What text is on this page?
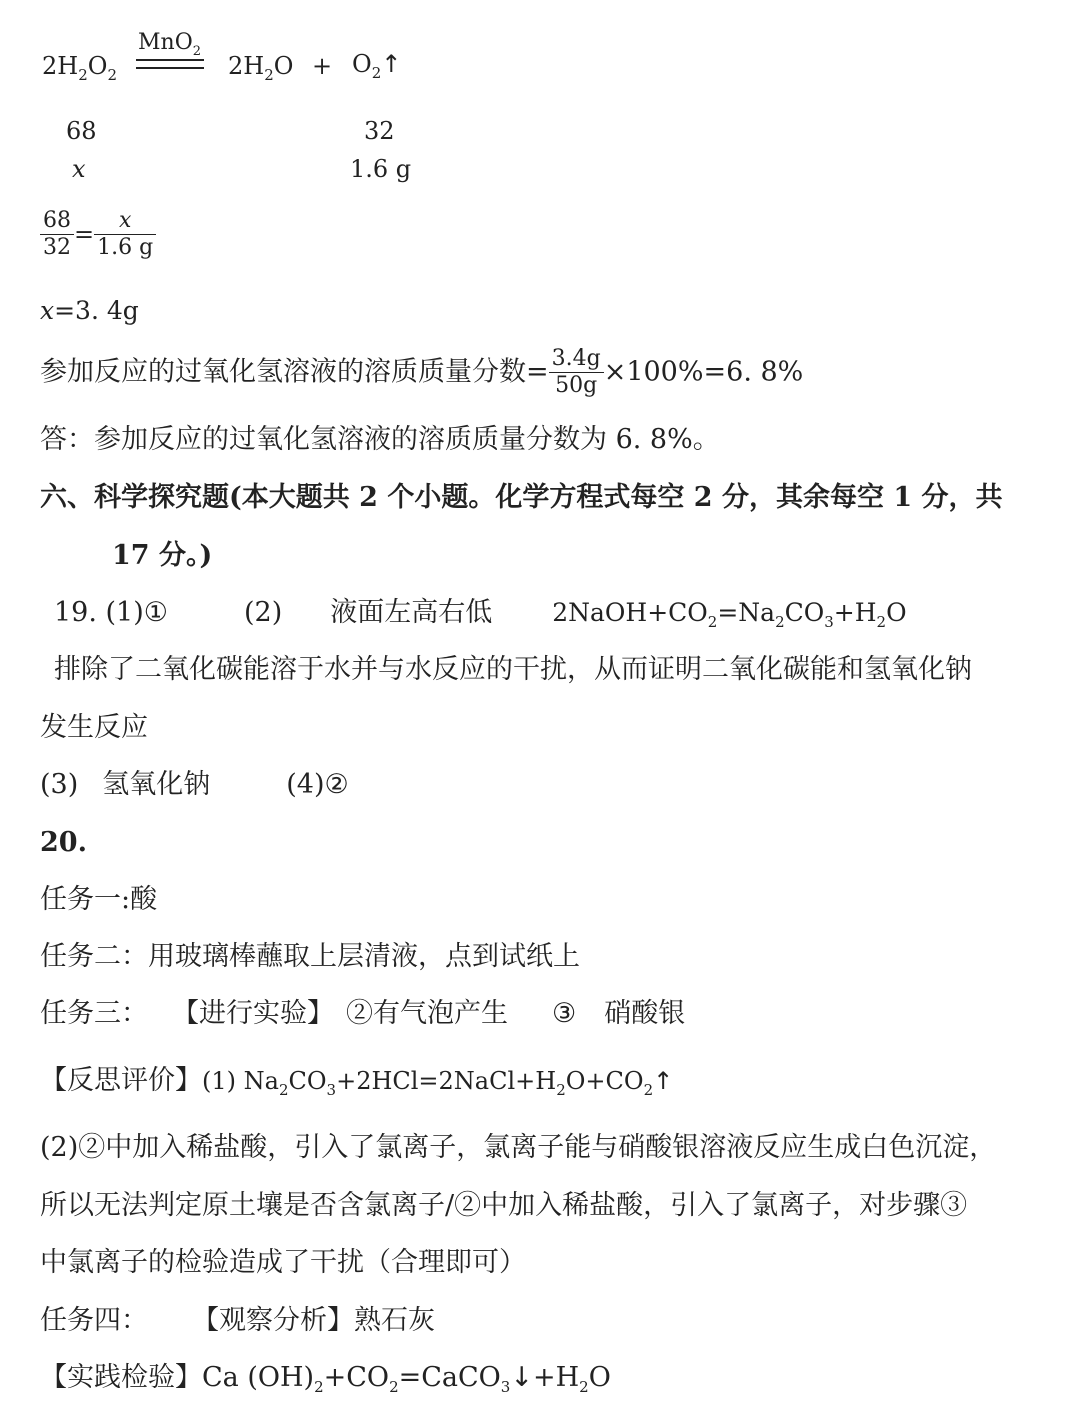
$2H_2O_2$
MnO$_2$
$2H_2O$ + $O_2↑$
68	32
x	1.6 g
$\frac{68}{32} = \frac{x}{1.6 g}$
x=3. 4g
参加反应的过氧化氢溶液的溶质质量分数= $\frac{3.4g}{50g} \times 100\%=6$. 8%
答：参加反应的过氧化氢溶液的溶质质量分数为 6. 8%。
六、科学探究题(本大题共 2 个小题。化学方程式每空 2 分，其余每空 1 分，共
17 分。)
19. (1)①	(2) 液面左高右低 $2NaOH+CO_2=Na_2CO_3+H_2O$
排除了二氧化碳能溶于水并与水反应的干扰，从而证明二氧化碳能和氢氧化钠
发生反应
(3) 氢氧化钠	(4)②
20.
任务一:酸
任务二：用玻璃棒蘸取上层清液，点到试纸上
任务三： 【进行实验】 ②有气泡产生 ③ 硝酸银
【反思评价】(1) $Na_2CO_3+2HCl=2NaCl+H_2O+CO_2↑$
(2)②中加入稀盐酸，引入了氯离子，氯离子能与硝酸银溶液反应生成白色沉淀，
所以无法判定原土壤是否含氯离子/②中加入稀盐酸，引入了氯离子，对步骤③
中氯离子的检验造成了干扰（合理即可）
任务四： 【观察分析】熟石灰
【实践检验】Ca $(OH)_2+CO_2=CaCO_3↓+H_2O$
